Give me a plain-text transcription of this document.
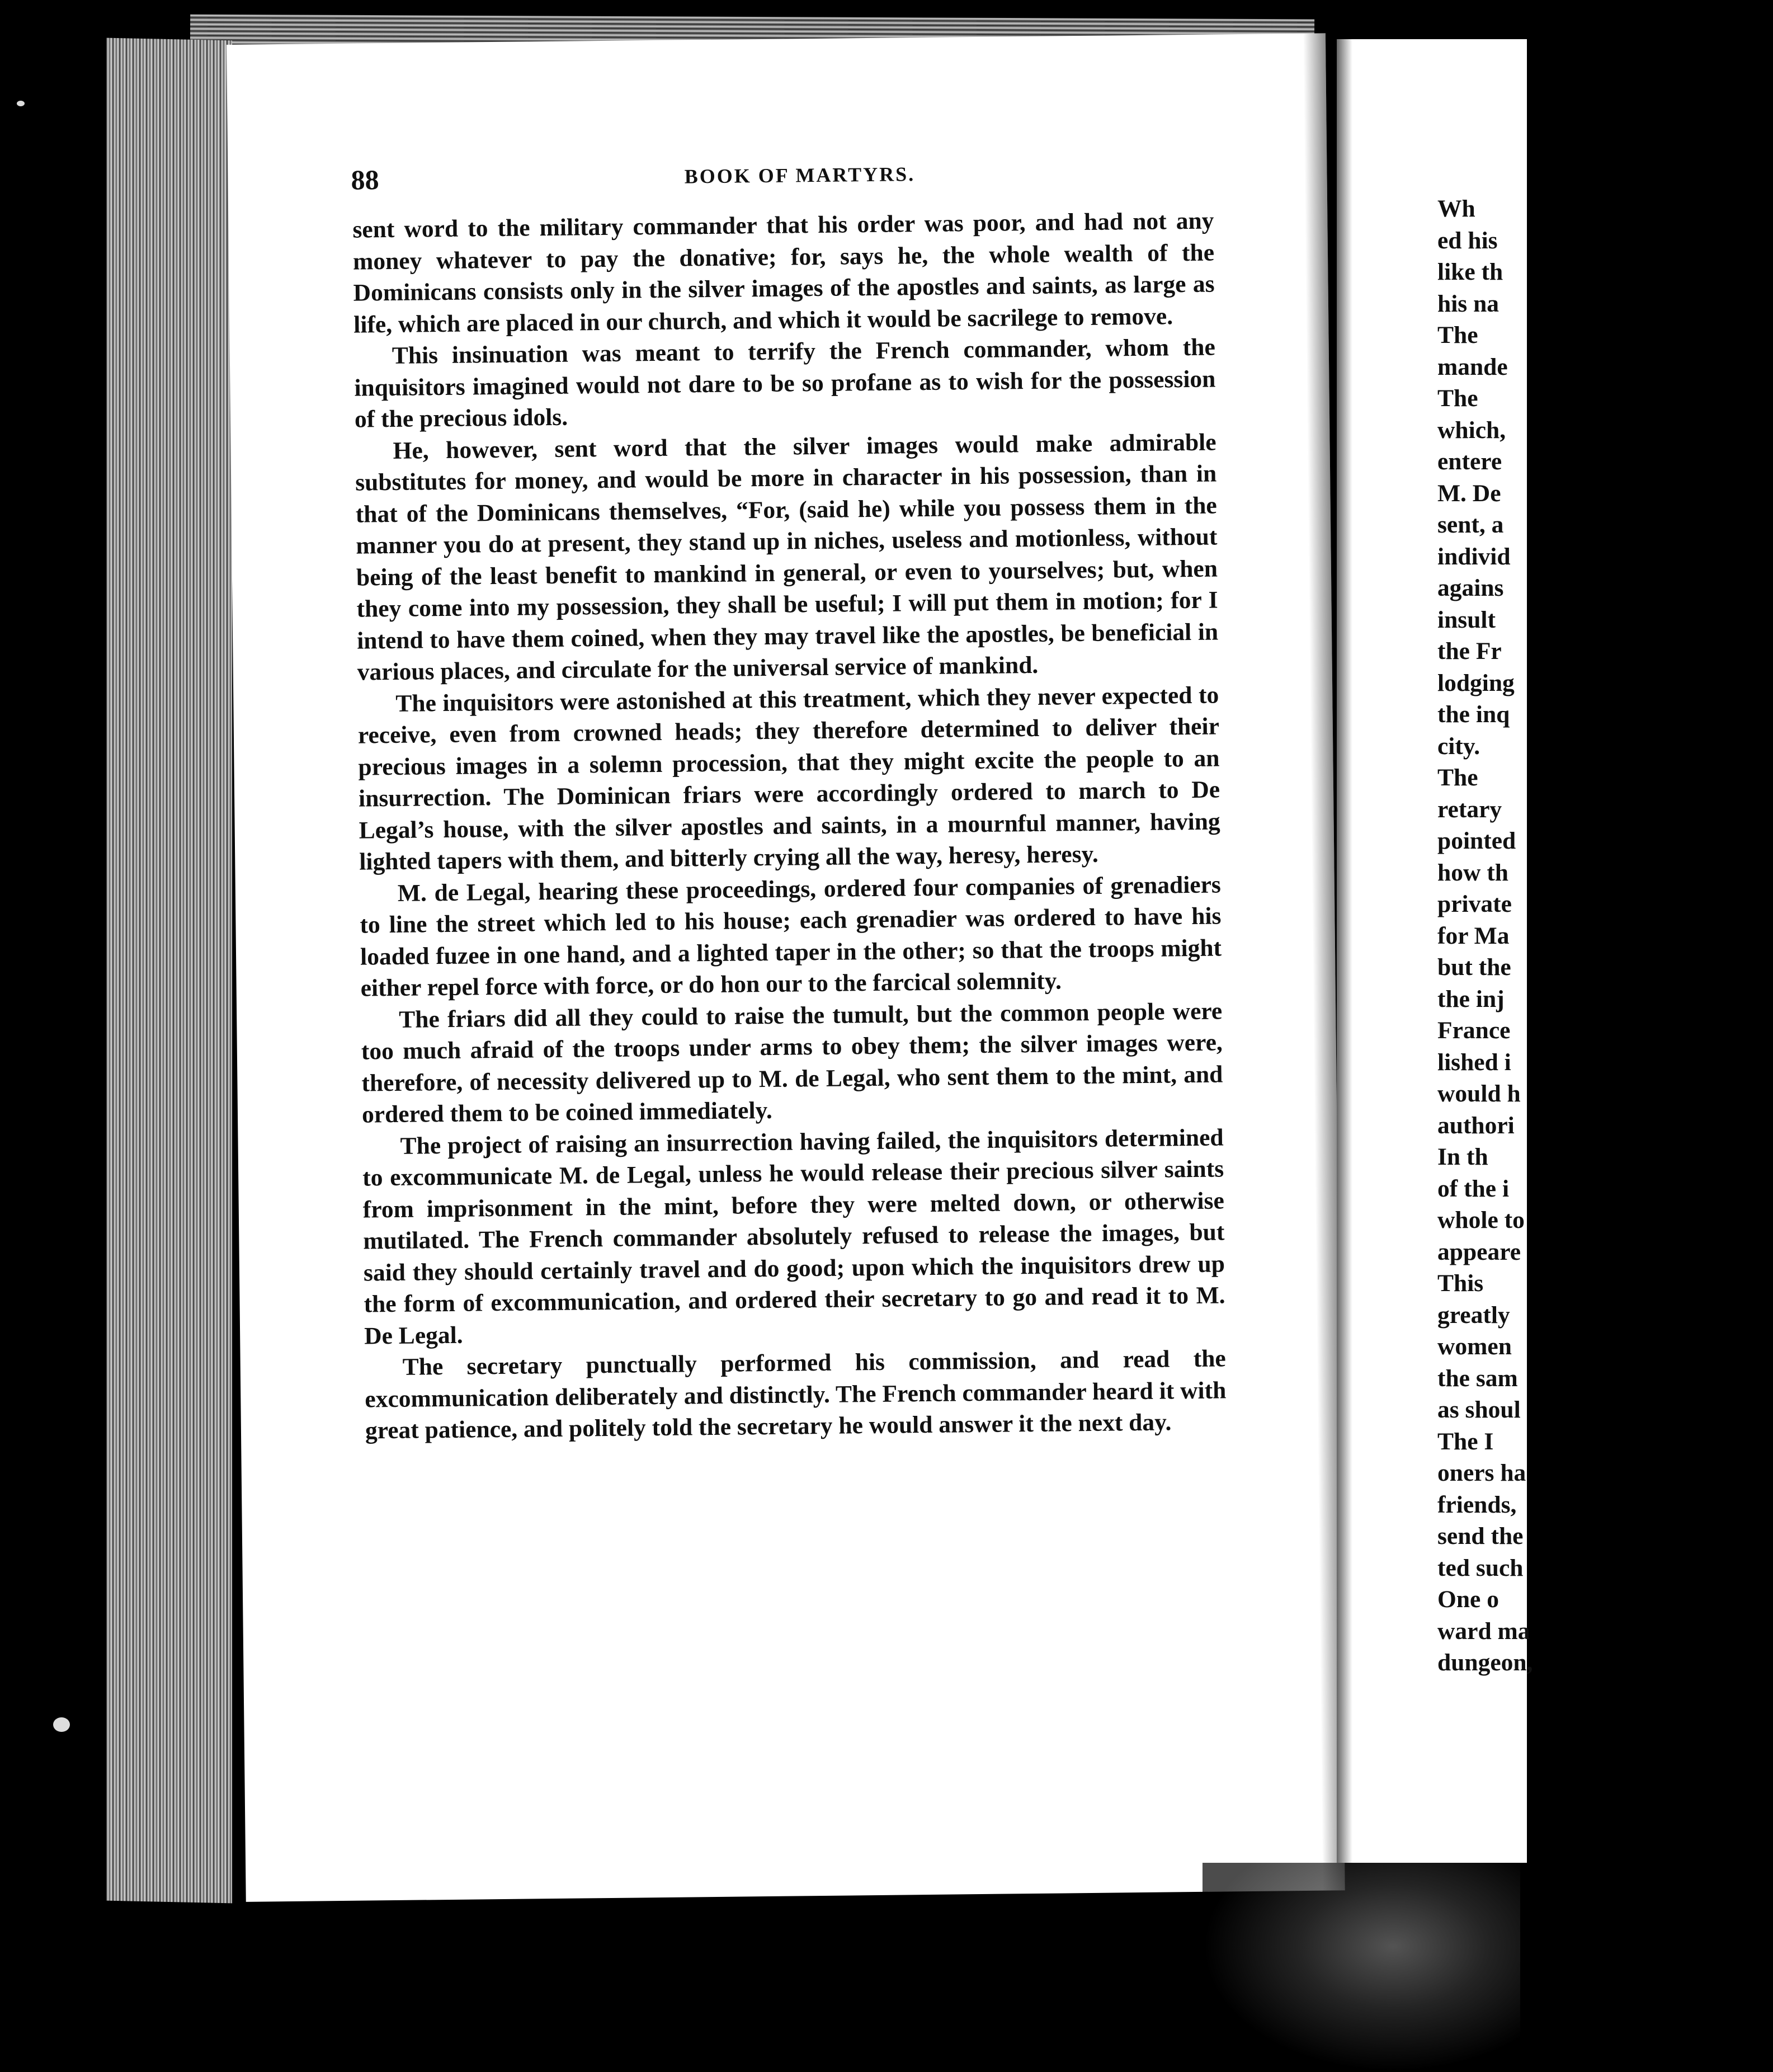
88	BOOK OF MARTYRS.

sent word to the military commander that his order was poor, and had not any money whatever to pay the donative; for, says he, the whole wealth of the Dominicans consists only in the silver images of the apostles and saints, as large as life, which are placed in our church, and which it would be sacrilege to remove.

This insinuation was meant to terrify the French commander, whom the inquisitors imagined would not dare to be so profane as to wish for the possession of the precious idols.

He, however, sent word that the silver images would make admirable substitutes for money, and would be more in character in his possession, than in that of the Dominicans themselves, “For, (said he) while you possess them in the manner you do at present, they stand up in niches, useless and motionless, without being of the least benefit to mankind in general, or even to yourselves; but, when they come into my possession, they shall be useful; I will put them in motion; for I intend to have them coined, when they may travel like the apostles, be beneficial in various places, and circulate for the universal service of mankind.

The inquisitors were astonished at this treatment, which they never expected to receive, even from crowned heads; they therefore determined to deliver their precious images in a solemn procession, that they might excite the people to an insurrection. The Dominican friars were accordingly ordered to march to De Legal’s house, with the silver apostles and saints, in a mournful manner, having lighted tapers with them, and bitterly crying all the way, heresy, heresy.

M. de Legal, hearing these proceedings, ordered four companies of grenadiers to line the street which led to his house; each grenadier was ordered to have his loaded fuzee in one hand, and a lighted taper in the other; so that the troops might either repel force with force, or do hon our to the farcical solemnity.

The friars did all they could to raise the tumult, but the common people were too much afraid of the troops under arms to obey them; the silver images were, therefore, of necessity delivered up to M. de Legal, who sent them to the mint, and ordered them to be coined immediately.

The project of raising an insurrection having failed, the inquisitors determined to excommunicate M. de Legal, unless he would release their precious silver saints from imprisonment in the mint, before they were melted down, or otherwise mutilated. The French commander absolutely refused to release the images, but said they should certainly travel and do good; upon which the inquisitors drew up the form of excommunication, and ordered their secretary to go and read it to M. De Legal.

The secretary punctually performed his commission, and read the excommunication deliberately and distinctly. The French commander heard it with great patience, and politely told the secretary he would answer it the next day.

Wh
ed his
like th
his na
The
mande
The
which,
entere
M. De
sent, a
individ
agains
insult
the Fr
lodging
the inq
city.
The
retary
pointed
how th
private
for Ma
but the
the inj
France
lished i
would h
authori
In th
of the i
whole to
appeare
This
greatly
women
the sam
as shoul
The I
oners ha
friends,
send the
ted such
One o
ward ma
dungeon,
